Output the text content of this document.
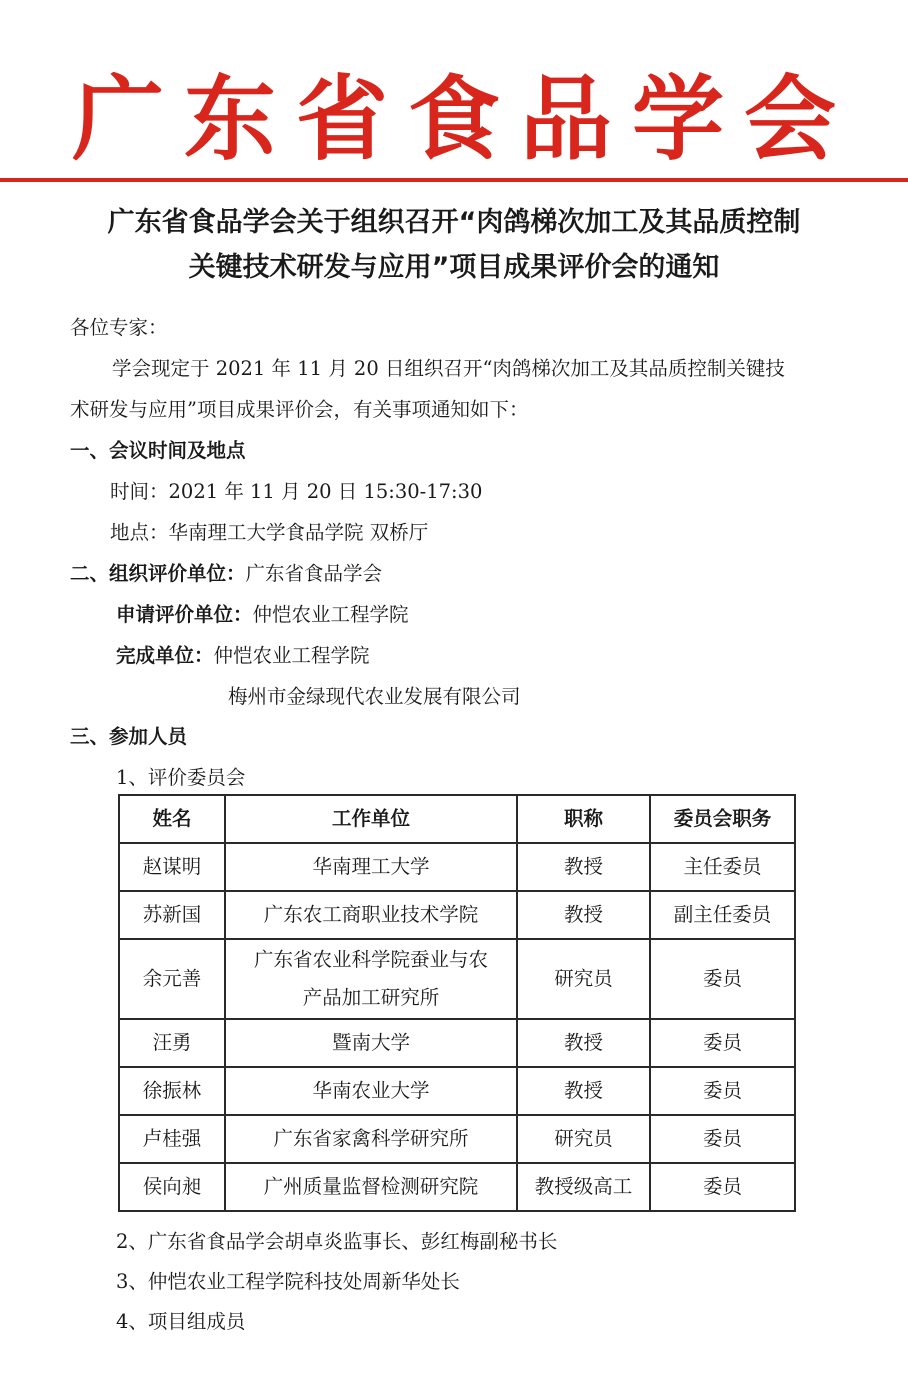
广东省食品学会
广东省食品学会关于组织召开“肉鸽梯次加工及其品质控制
关键技术研发与应用”项目成果评价会的通知
各位专家：
学会现定于 2021 年 11 月 20 日组织召开“肉鸽梯次加工及其品质控制关键技
术研发与应用”项目成果评价会，有关事项通知如下：
一、会议时间及地点
时间：2021 年 11 月 20 日 15:30-17:30
地点：华南理工大学食品学院 双桥厅
二、组织评价单位：广东省食品学会
申请评价单位：仲恺农业工程学院
完成单位：仲恺农业工程学院
梅州市金绿现代农业发展有限公司
三、参加人员
1、评价委员会
2、广东省食品学会胡卓炎监事长、彭红梅副秘书长
3、仲恺农业工程学院科技处周新华处长
4、项目组成员
姓名	工作单位	职称	委员会职务
赵谋明	华南理工大学	教授	主任委员
苏新国	广东农工商职业技术学院	教授	副主任委员
余元善	广东省农业科学院蚕业与农
产品加工研究所	研究员	委员
汪勇	暨南大学	教授	委员
徐振林	华南农业大学	教授	委员
卢桂强	广东省家禽科学研究所	研究员	委员
侯向昶	广州质量监督检测研究院	教授级高工	委员
